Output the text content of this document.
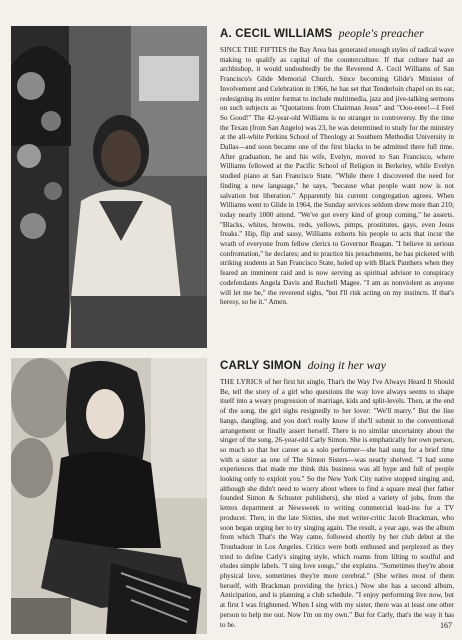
A. CECIL WILLIAMS people's preacher
SINCE THE FIFTIES the Bay Area has generated enough styles of radical wave making to qualify as capital of the counterculture. If that culture had an archbishop, it would undoubtedly be the Reverend A. Cecil Williams of San Francisco's Glide Memorial Church. Since becoming Glide's Minister of Involvement and Celebration in 1966, he has set that Tenderloin chapel on its ear, redesigning its entire format to include multimedia, jazz and jive-talking sermons on such subjects as "Quotations from Chairman Jesus" and "Ooo-eeee!—I Feel So Good!" The 42-year-old Williams is no stranger to controversy. By the time the Texan (from San Angelo) was 23, he was determined to study for the ministry at the all-white Perkins School of Theology at Southern Methodist University in Dallas—and soon became one of the first blacks to be admitted there full time. After graduation, he and his wife, Evelyn, moved to San Francisco, where Williams fellowed at the Pacific School of Religion in Berkeley, while Evelyn studied piano at San Francisco State. "While there I discovered the need for finding a new language," he says, "because what people want now is not salvation but liberation." Apparently his current congregation agrees. When Williams went to Glide in 1964, the Sunday services seldom drew more than 210; today nearly 1000 attend. "We've got every kind of group coming," he asserts. "Blacks, whites, browns, reds, yellows, pimps, prostitutes, gays, even Jesus freaks." Hip, flip and sassy, Williams exhorts his people to acts that incur the wrath of everyone from fellow clerics to Governor Reagan. "I believe in serious confrontation," he declares; and to practice his preachments, he has picketed with striking students at San Francisco State, holed up with Black Panthers when they feared an imminent raid and is now serving as spiritual advisor to conspiracy codefendants Angela Davis and Ruchell Magee. "I am as nonviolent as anyone will let me be," the reverend sighs, "but I'll risk acting on my instincts. If that's heresy, so be it." Amen.
CARLY SIMON doing it her way
THE LYRICS of her first hit single, That's the Way I've Always Heard It Should Be, tell the story of a girl who questions the way love always seems to shape itself into a weary progression of marriage, kids and split-levels. Then, at the end of the song, the girl sighs resignedly to her lover: "We'll marry." But the line hangs, dangling, and you don't really know if she'll submit to the conventional arrangement or finally assert herself. There is no similar uncertainty about the singer of the song, 26-year-old Carly Simon. She is emphatically her own person, so much so that her career as a solo performer—she had sung for a brief time with a sister as one of The Simon Sisters—was nearly shelved. "I had some experiences that made me think this business was all hype and full of people looking only to exploit you." So the New York City native stopped singing and, although she didn't need to worry about where to find a square meal (her father founded Simon & Schuster publishers), she tried a variety of jobs, from the letters department at Newsweek to writing commercial lead-ins for a TV producer. Then, in the late Sixties, she met writer-critic Jacob Brackman, who soon began urging her to try singing again. The result, a year ago, was the album from which That's the Way came, followed shortly by her club debut at the Troubadour in Los Angeles. Critics were both enthused and perplexed as they tried to define Carly's singing style, which roams from lilting to soulful and eludes simple labels. "I sing love songs," she explains. "Sometimes they're about physical love, sometimes they're more cerebral." (She writes most of them herself, with Brackman providing the lyrics.) Now she has a second album, Anticipation, and is planning a club schedule. "I enjoy performing live now, but at first I was frightened. When I sing with my sister, there was at least one other person to help me out. Now I'm on my own." But for Carly, that's the way it has to be.	167
